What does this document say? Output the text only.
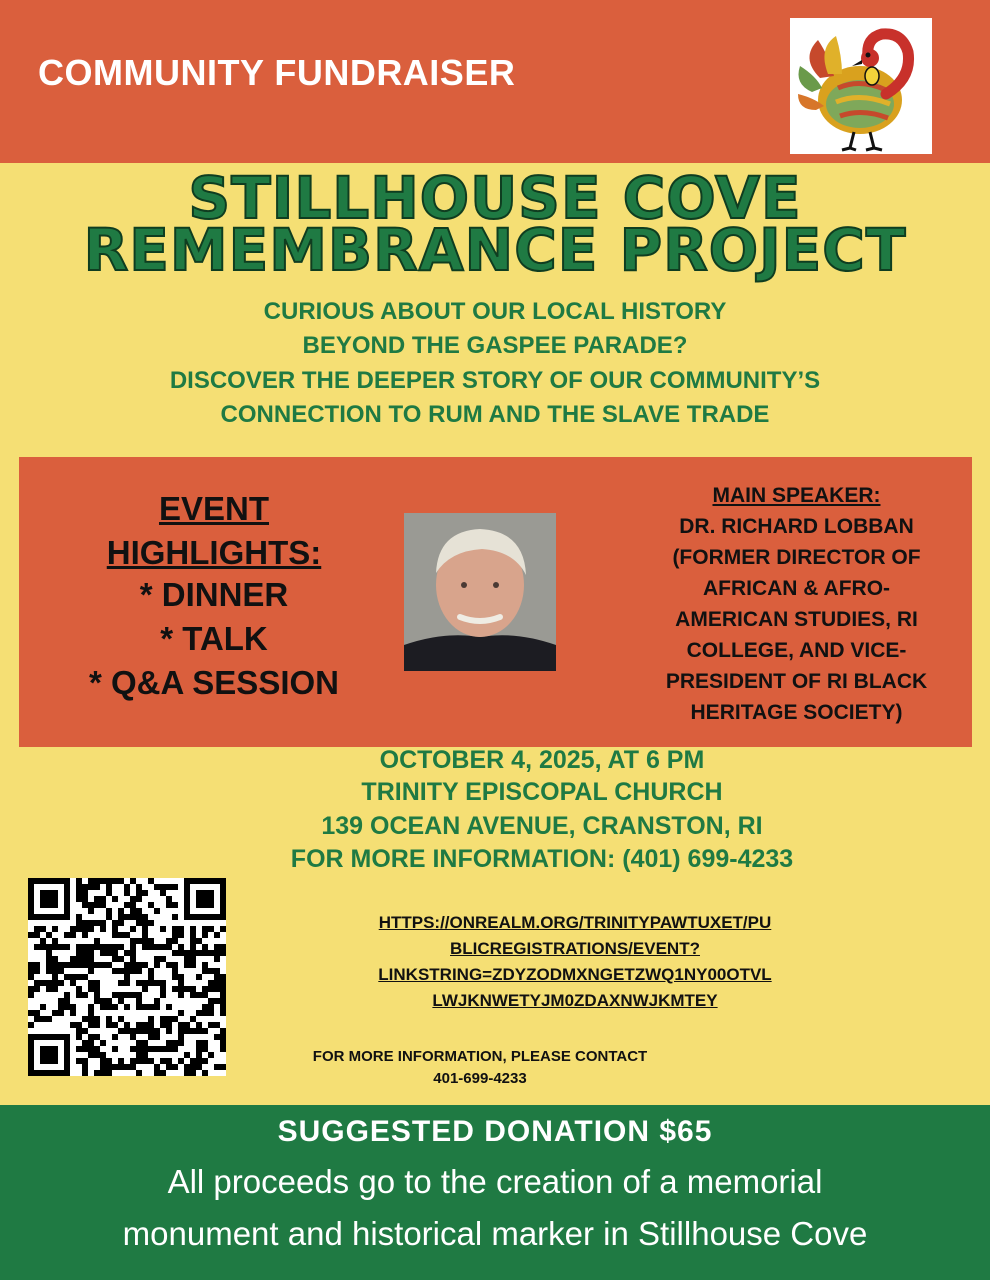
COMMUNITY FUNDRAISER
STILLHOUSE COVE
REMEMBRANCE PROJECT
CURIOUS ABOUT OUR LOCAL HISTORY
BEYOND THE GASPEE PARADE?
DISCOVER THE DEEPER STORY OF OUR COMMUNITY’S
CONNECTION TO RUM AND THE SLAVE TRADE
EVENT
HIGHLIGHTS:
* DINNER
* TALK
* Q&A SESSION
MAIN SPEAKER:
DR. RICHARD LOBBAN
(FORMER DIRECTOR OF
AFRICAN & AFRO-
AMERICAN STUDIES, RI
COLLEGE, AND VICE-
PRESIDENT OF RI BLACK
HERITAGE SOCIETY)
OCTOBER 4, 2025, AT 6 PM
TRINITY EPISCOPAL CHURCH
139 OCEAN AVENUE, CRANSTON, RI
FOR MORE INFORMATION: (401) 699-4233
HTTPS://ONREALM.ORG/TRINITYPAWTUXET/PU
BLICREGISTRATIONS/EVENT?
LINKSTRING=ZDYZODMXNGETZWQ1NY00OTVL
LWJKNWETYJM0ZDAXNWJKMTEY
FOR MORE INFORMATION, PLEASE CONTACT
401-699-4233
SUGGESTED DONATION $65
All proceeds go to the creation of a memorial
monument and historical marker in Stillhouse Cove
